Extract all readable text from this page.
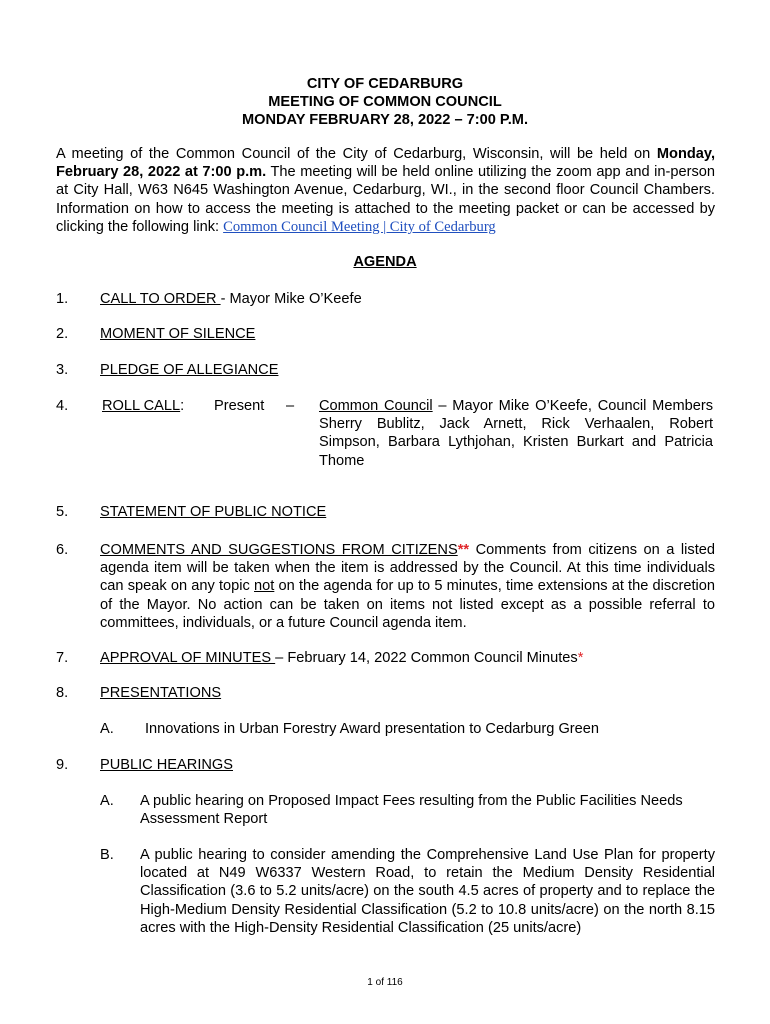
CITY OF CEDARBURG
MEETING OF COMMON COUNCIL
MONDAY FEBRUARY 28, 2022 – 7:00 P.M.
A meeting of the Common Council of the City of Cedarburg, Wisconsin, will be held on Monday, February 28, 2022 at 7:00 p.m. The meeting will be held online utilizing the zoom app and in-person at City Hall, W63 N645 Washington Avenue, Cedarburg, WI., in the second floor Council Chambers. Information on how to access the meeting is attached to the meeting packet or can be accessed by clicking the following link: Common Council Meeting | City of Cedarburg
AGENDA
1. CALL TO ORDER - Mayor Mike O’Keefe
2. MOMENT OF SILENCE
3. PLEDGE OF ALLEGIANCE
4. ROLL CALL: Present – Common Council – Mayor Mike O’Keefe, Council Members Sherry Bublitz, Jack Arnett, Rick Verhaalen, Robert Simpson, Barbara Lythjohan, Kristen Burkart and Patricia Thome
5. STATEMENT OF PUBLIC NOTICE
6. COMMENTS AND SUGGESTIONS FROM CITIZENS** Comments from citizens on a listed agenda item will be taken when the item is addressed by the Council. At this time individuals can speak on any topic not on the agenda for up to 5 minutes, time extensions at the discretion of the Mayor. No action can be taken on items not listed except as a possible referral to committees, individuals, or a future Council agenda item.
7. APPROVAL OF MINUTES – February 14, 2022 Common Council Minutes*
8. PRESENTATIONS
A. Innovations in Urban Forestry Award presentation to Cedarburg Green
9. PUBLIC HEARINGS
A. A public hearing on Proposed Impact Fees resulting from the Public Facilities Needs Assessment Report
B. A public hearing to consider amending the Comprehensive Land Use Plan for property located at N49 W6337 Western Road, to retain the Medium Density Residential Classification (3.6 to 5.2 units/acre) on the south 4.5 acres of property and to replace the High-Medium Density Residential Classification (5.2 to 10.8 units/acre) on the north 8.15 acres with the High-Density Residential Classification (25 units/acre)
1 of 116
